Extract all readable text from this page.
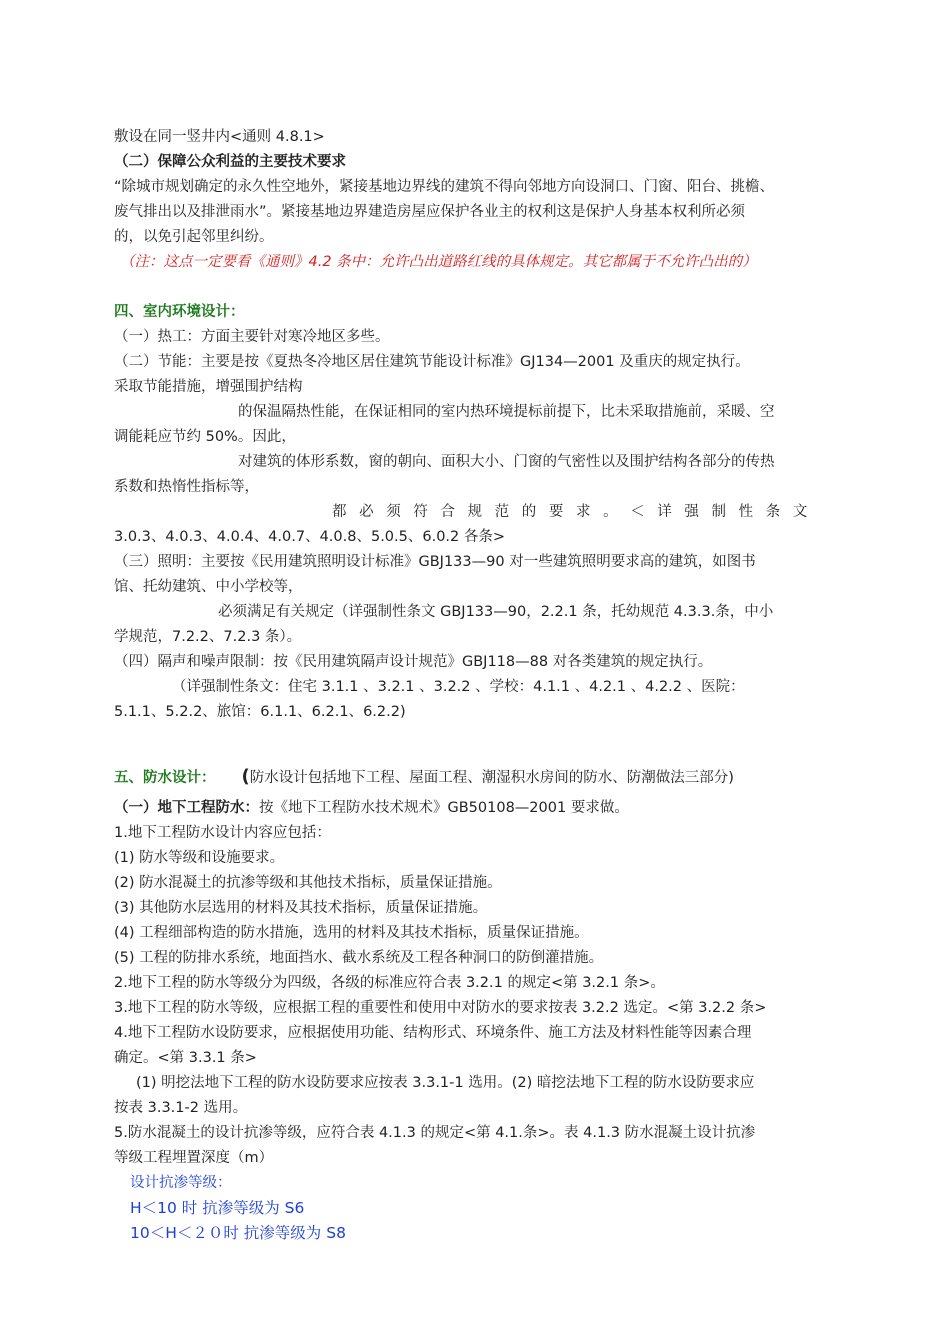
敷设在同一竖井内<通则 4.8.1>
（二）保障公众利益的主要技术要求
“除城市规划确定的永久性空地外，紧接基地边界线的建筑不得向邻地方向设洞口、门窗、阳台、挑檐、
废气排出以及排泄雨水”。紧接基地边界建造房屋应保护各业主的权利这是保护人身基本权利所必须
的，以免引起邻里纠纷。
（注：这点一定要看《通则》4.2 条中：允许凸出道路红线的具体规定。其它都属于不允许凸出的）
四、室内环境设计：
（一）热工：方面主要针对寒冷地区多些。
（二）节能：主要是按《夏热冬冷地区居住建筑节能设计标准》GJ134—2001 及重庆的规定执行。
采取节能措施，增强围护结构
的保温隔热性能，在保证相同的室内热环境提标前提下，比未采取措施前，采暖、空
调能耗应节约 50%。因此，
对建筑的体形系数，窗的朝向、面积大小、门窗的气密性以及围护结构各部分的传热
系数和热惰性指标等，
都 必 须 符 合 规 范 的 要 求 。 ＜ 详 强 制 性 条 文
3.0.3、4.0.3、4.0.4、4.0.7、4.0.8、5.0.5、6.0.2 各条>
（三）照明：主要按《民用建筑照明设计标准》GBJ133—90 对一些建筑照明要求高的建筑，如图书
馆、托幼建筑、中小学校等，
必须满足有关规定（详强制性条文 GBJ133—90，2.2.1 条，托幼规范 4.3.3.条，中小
学规范，7.2.2、7.2.3 条）。
（四）隔声和噪声限制：按《民用建筑隔声设计规范》GBJ118—88 对各类建筑的规定执行。
（详强制性条文：住宅 3.1.1 、3.2.1 、3.2.2 、学校：4.1.1 、4.2.1 、4.2.2 、医院：
5.1.1、5.2.2、旅馆：6.1.1、6.2.1、6.2.2)
五、防水设计： (防水设计包括地下工程、屋面工程、潮湿积水房间的防水、防潮做法三部分)
（一）地下工程防水：按《地下工程防水技术规术》GB50108—2001 要求做。
1.地下工程防水设计内容应包括：
(1) 防水等级和设施要求。
(2) 防水混凝土的抗渗等级和其他技术指标，质量保证措施。
(3) 其他防水层选用的材料及其技术指标，质量保证措施。
(4) 工程细部构造的防水措施，选用的材料及其技术指标，质量保证措施。
(5) 工程的防排水系统，地面挡水、截水系统及工程各种洞口的防倒灌措施。
2.地下工程的防水等级分为四级，各级的标准应符合表 3.2.1 的规定<第 3.2.1 条>。
3.地下工程的防水等级，应根据工程的重要性和使用中对防水的要求按表 3.2.2 选定。<第 3.2.2 条>
4.地下工程防水设防要求，应根据使用功能、结构形式、环境条件、施工方法及材料性能等因素合理
确定。<第 3.3.1 条>
(1) 明挖法地下工程的防水设防要求应按表 3.3.1-1 选用。(2) 暗挖法地下工程的防水设防要求应
按表 3.3.1-2 选用。
5.防水混凝土的设计抗渗等级，应符合表 4.1.3 的规定<第 4.1.条>。表 4.1.3 防水混凝土设计抗渗
等级工程埋置深度（m）
设计抗渗等级：
H＜10 时 抗渗等级为 S6
10＜H＜２０时 抗渗等级为 S8
